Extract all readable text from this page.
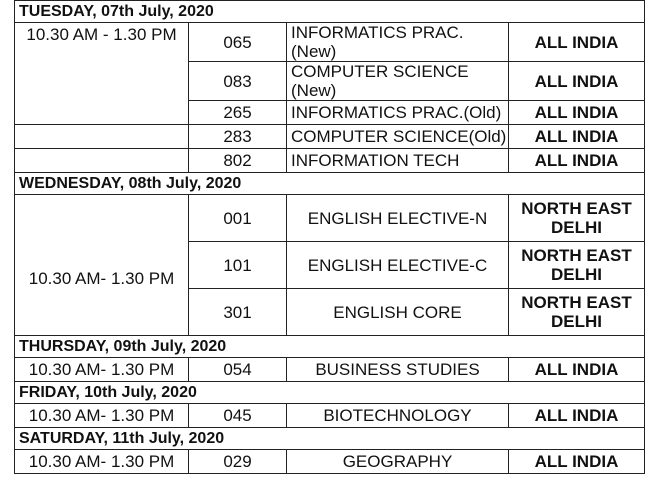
TUESDAY, 07th July, 2020			
10.30 AM - 1.30 PM	065	INFORMATICS PRAC. (New)	ALL INDIA
	083	COMPUTER SCIENCE (New)	ALL INDIA
	265	INFORMATICS PRAC.(Old)	ALL INDIA
	283	COMPUTER SCIENCE(Old)	ALL INDIA
	802	INFORMATION TECH	ALL INDIA
WEDNESDAY, 08th July, 2020			
10.30 AM- 1.30 PM	001	ENGLISH ELECTIVE-N	NORTH EAST
DELHI

	101	ENGLISH ELECTIVE-C	NORTH EAST
DELHI

	301	ENGLISH CORE	NORTH EAST
DELHI

THURSDAY, 09th July, 2020			
10.30 AM- 1.30 PM	054	BUSINESS STUDIES	ALL INDIA
FRIDAY, 10th July, 2020			
10.30 AM- 1.30 PM	045	BIOTECHNOLOGY	ALL INDIA
SATURDAY, 11th July, 2020			
10.30 AM- 1.30 PM	029	GEOGRAPHY	ALL INDIA
